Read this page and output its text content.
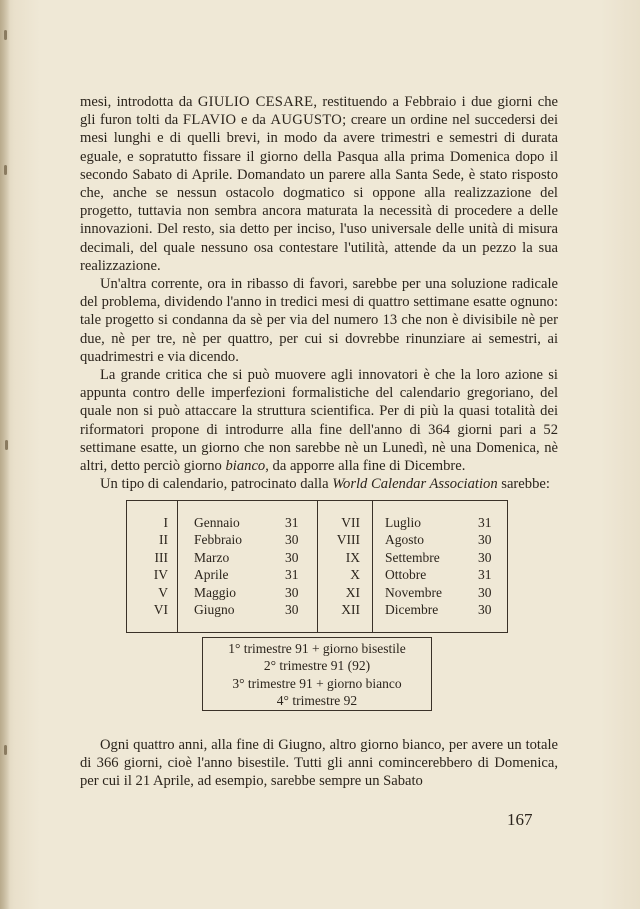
mesi, introdotta da GIULIO CESARE, restituendo a Febbraio i due giorni che gli furon tolti da FLAVIO e da AUGUSTO; creare un ordine nel succedersi dei mesi lunghi e di quelli brevi, in modo da avere trimestri e semestri di durata eguale, e sopratutto fissare il giorno della Pasqua alla prima Domenica dopo il secondo Sabato di Aprile. Domandato un parere alla Santa Sede, è stato risposto che, anche se nessun ostacolo dogmatico si oppone alla realizzazione del progetto, tuttavia non sembra ancora maturata la necessità di procedere a delle innovazioni. Del resto, sia detto per inciso, l'uso universale delle unità di misura decimali, del quale nessuno osa contestare l'utilità, attende da un pezzo la sua realizzazione.

Un'altra corrente, ora in ribasso di favori, sarebbe per una soluzione radicale del problema, dividendo l'anno in tredici mesi di quattro settimane esatte ognuno: tale progetto si condanna da sè per via del numero 13 che non è divisibile nè per due, nè per tre, nè per quattro, per cui si dovrebbe rinunziare ai semestri, ai quadrimestri e via dicendo.

La grande critica che si può muovere agli innovatori è che la loro azione si appunta contro delle imperfezioni formalistiche del calendario gregoriano, del quale non si può attaccare la struttura scientifica. Per di più la quasi totalità dei riformatori propone di introdurre alla fine dell'anno di 364 giorni pari a 52 settimane esatte, un giorno che non sarebbe nè un Lunedì, nè una Domenica, nè altri, detto perciò giorno bianco, da apporre alla fine di Dicembre.

Un tipo di calendario, patrocinato dalla World Calendar Association sarebbe:

I Gennaio	31	VII Luglio	31
II Febbraio	30	VIII Agosto	30
III Marzo	30	IX Settembre	30
IV Aprile	31	X Ottobre	31
V Maggio	30	XI Novembre	30
VI Giugno	30	XII Dicembre	30
1° trimestre 91 + giorno bisestile
2° trimestre 91 (92)
3° trimestre 91 + giorno bianco
4° trimestre 92

Ogni quattro anni, alla fine di Giugno, altro giorno bianco, per avere un totale di 366 giorni, cioè l'anno bisestile. Tutti gli anni comincerebbero di Domenica, per cui il 21 Aprile, ad esempio, sarebbe sempre un Sabato

167
